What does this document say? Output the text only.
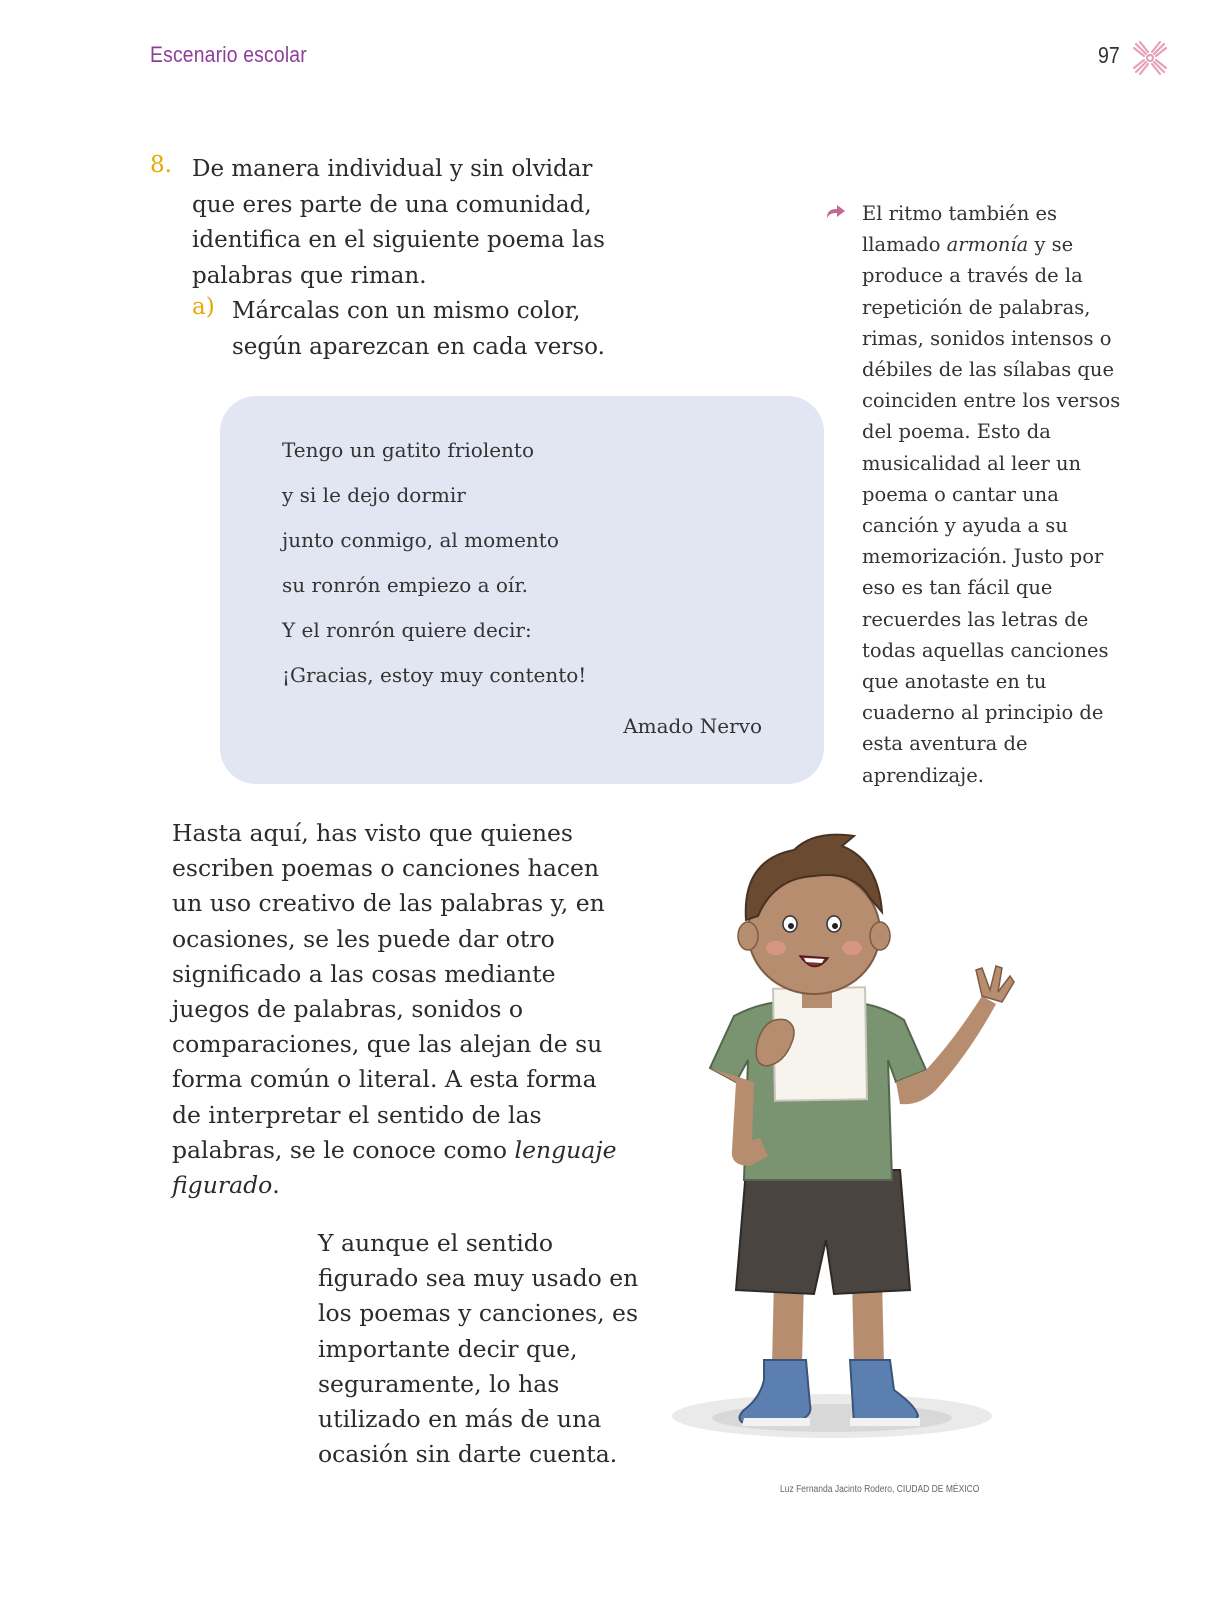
Escenario escolar	97
8. De manera individual y sin olvidar que eres parte de una comunidad, identifica en el siguiente poema las palabras que riman.
a) Márcalas con un mismo color, según aparezcan en cada verso.
Tengo un gatito friolento
y si le dejo dormir
junto conmigo, al momento
su ronrón empiezo a oír.
Y el ronrón quiere decir:
¡Gracias, estoy muy contento!
Amado Nervo
El ritmo también es llamado armonía y se produce a través de la repetición de palabras, rimas, sonidos intensos o débiles de las sílabas que coinciden entre los versos del poema. Esto da musicalidad al leer un poema o cantar una canción y ayuda a su memorización. Justo por eso es tan fácil que recuerdes las letras de todas aquellas canciones que anotaste en tu cuaderno al principio de esta aventura de aprendizaje.
Hasta aquí, has visto que quienes escriben poemas o canciones hacen un uso creativo de las palabras y, en ocasiones, se les puede dar otro significado a las cosas mediante juegos de palabras, sonidos o comparaciones, que las alejan de su forma común o literal. A esta forma de interpretar el sentido de las palabras, se le conoce como lenguaje figurado.
Y aunque el sentido figurado sea muy usado en los poemas y canciones, es importante decir que, seguramente, lo has utilizado en más de una ocasión sin darte cuenta.
Luz Fernanda Jacinto Rodero, CIUDAD DE MÉXICO
